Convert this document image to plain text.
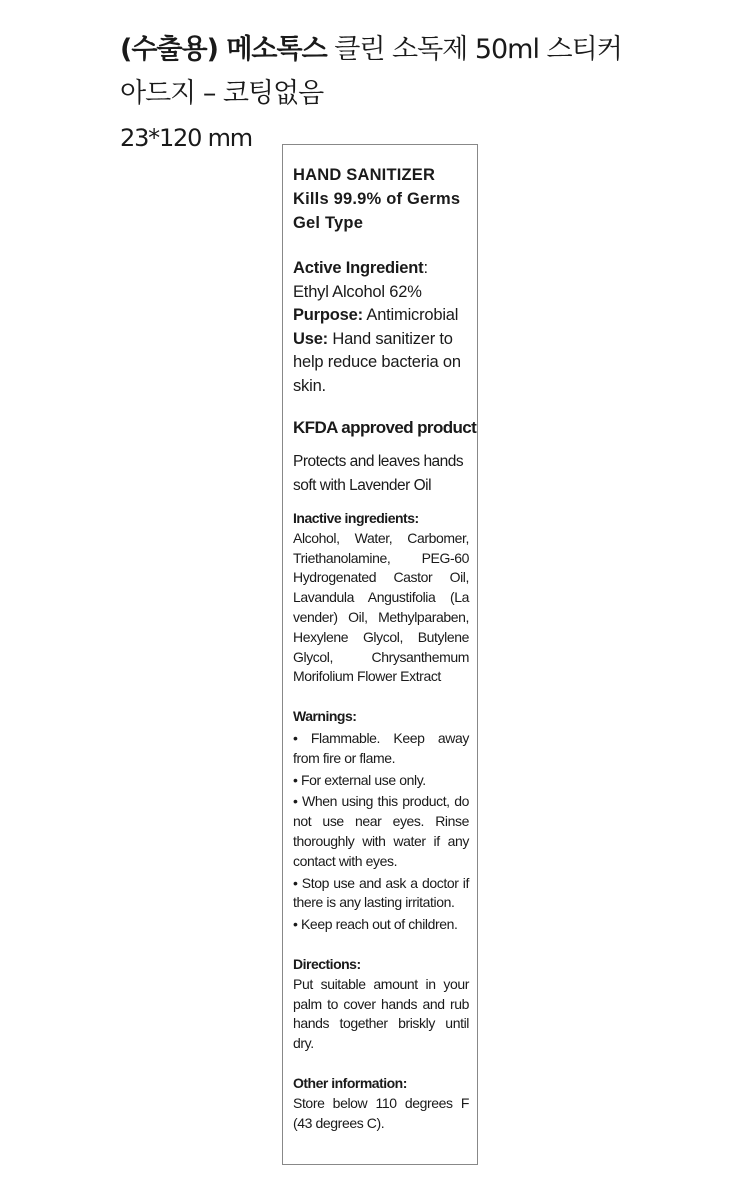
(수출용) 메소톡스 클린 소독제 50ml 스티커
아드지 – 코팅없음
23*120 mm
HAND SANITIZER
Kills 99.9% of Germs
Gel Type
Active Ingredient:
Ethyl Alcohol 62%
Purpose: Antimicrobial
Use: Hand sanitizer to help reduce bacteria on skin.
KFDA approved product
Protects and leaves hands soft with Lavender Oil
Inactive ingredients:
Alcohol, Water, Carbomer, Triethanolamine, PEG-60 Hydrogenated Castor Oil, Lavandula Angustifolia (La vender) Oil, Methylparaben, Hexylene Glycol, Butylene Glycol, Chrysanthemum Morifolium Flower Extract
Warnings:
• Flammable. Keep away from fire or flame.
• For external use only.
• When using this product, do not use near eyes. Rinse thoroughly with water if any contact with eyes.
• Stop use and ask a doctor if there is any lasting irritation.
• Keep reach out of children.
Directions:
Put suitable amount in your palm to cover hands and rub hands together briskly until dry.
Other information:
Store below 110 degrees F (43 degrees C).
